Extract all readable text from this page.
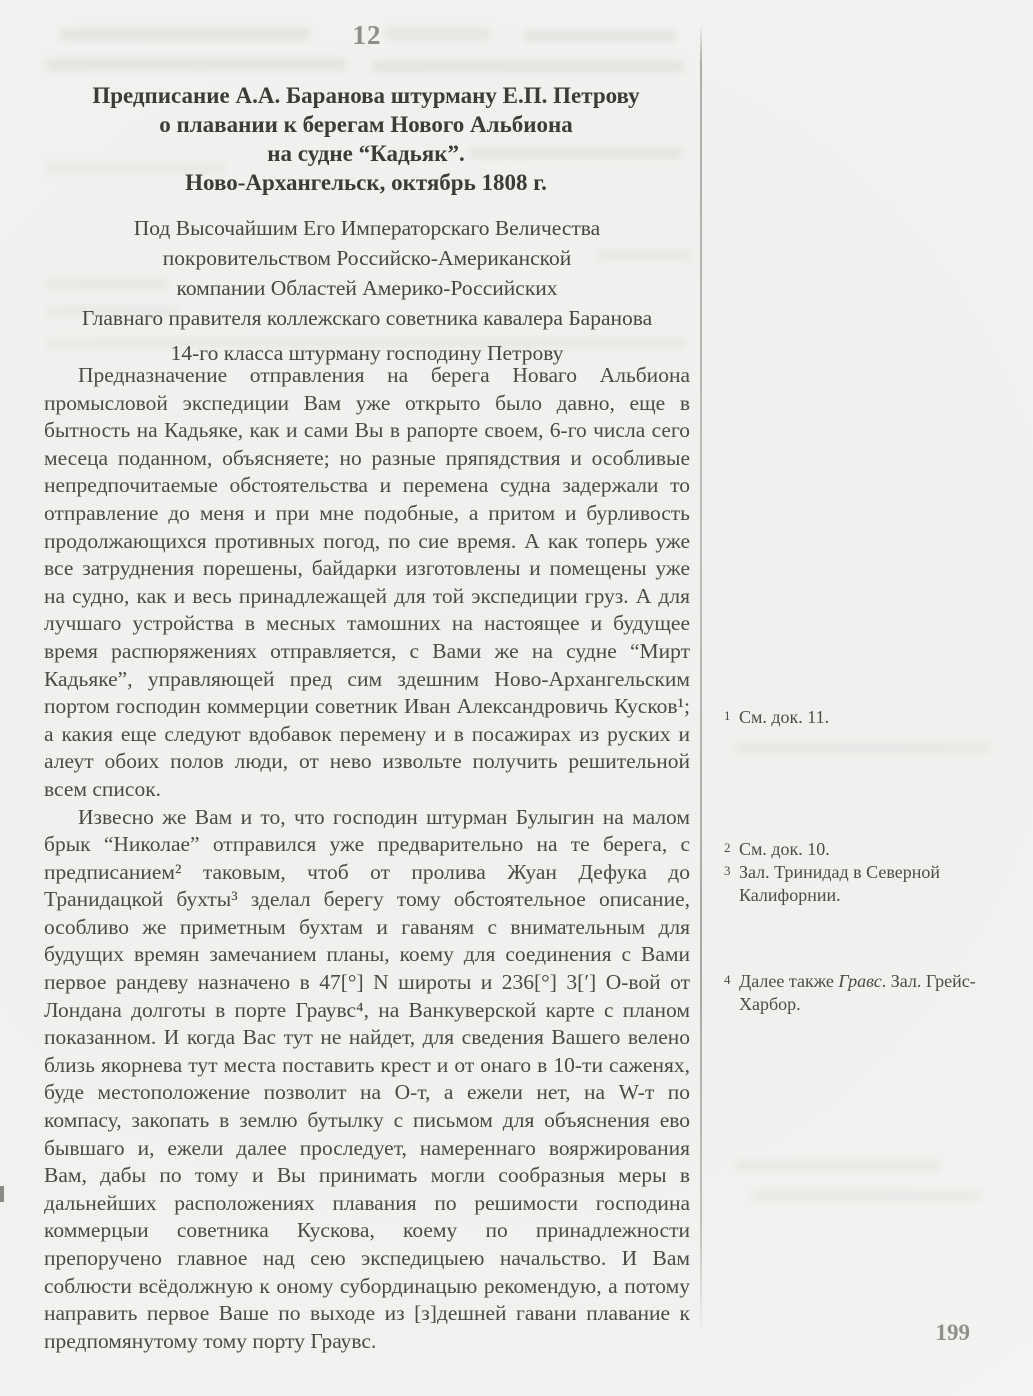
12
Предписание А.А. Баранова штурману Е.П. Петрову
о плавании к берегам Нового Альбиона
на судне “Кадьяк”.
Ново-Архангельск, октябрь 1808 г.
Под Высочайшим Его Императорскаго Величества
покровительством Российско-Американской
компании Областей Америко-Российских
Главнаго правителя коллежскаго советника кавалера Баранова
14-го класса штурману господину Петрову

Предназначение отправления на берега Новаго Альбиона промысловой экспедиции Вам уже открыто было давно, еще в бытность на Кадьяке, как и сами Вы в рапорте своем, 6-го числа сего месеца поданном, объясняете; но разные пряпядствия и особливые непредпочитаемые обстоятельства и перемена судна задержали то отправление до меня и при мне подобные, а притом и бурливость продолжающихся противных погод, по сие время. А как топерь уже все затруднения порешены, байдарки изготовлены и помещены уже на судно, как и весь принадлежащей для той экспедиции груз. А для лучшаго устройства в месных тамошних на настоящее и будущее время распюряжениях отправляется, с Вами же на судне “Мирт Кадьяке”, управляющей пред сим здешним Ново-Архангельским портом господин коммерции советник Иван Александровичь Кусков¹; а какия еще следуют вдобавок перемену и в посажирах из руских и алеут обоих полов люди, от нево извольте получить решительной всем список.

Извесно же Вам и то, что господин штурман Булыгин на малом брык “Николае” отправился уже предварительно на те берега, с предписанием² таковым, чтоб от пролива Жуан Дефука до Транидацкой бухты³ зделал берегу тому обстоятельное описание, особливо же приметным бухтам и гаваням с внимательным для будущих времян замечанием планы, коему для соединения с Вами первое рандеву назначено в 47[°] N широты и 236[°] 3[′] О-вой от Лондана долготы в порте Граувс⁴, на Ванкуверской карте с планом показанном. И когда Вас тут не найдет, для сведения Вашего велено близь якорнева тут места поставить крест и от онаго в 10-ти саженях, буде местоположение позволит на О-т, а ежели нет, на W-т по компасу, закопать в землю бутылку с письмом для объяснения ево бывшаго и, ежели далее проследует, намереннаго вояржирования Вам, дабы по тому и Вы принимать могли сообразныя меры в дальнейших расположениях плавания по решимости господина коммерцыи советника Кускова, коему по принадлежности препоручено главное над сею экспедицыею начальство. И Вам соблюсти всёдолжную к оному субординацыю рекомендую, а потому направить первое Ваше по выходе из [з]дешней гавани плавание к предпомянутому тому порту Граувс.

1 См. док. 11.
2 См. док. 10.
3 Зал. Тринидад в Северной Калифорнии.
4 Далее также Гравс. Зал. Грейс-Харбор.
199
